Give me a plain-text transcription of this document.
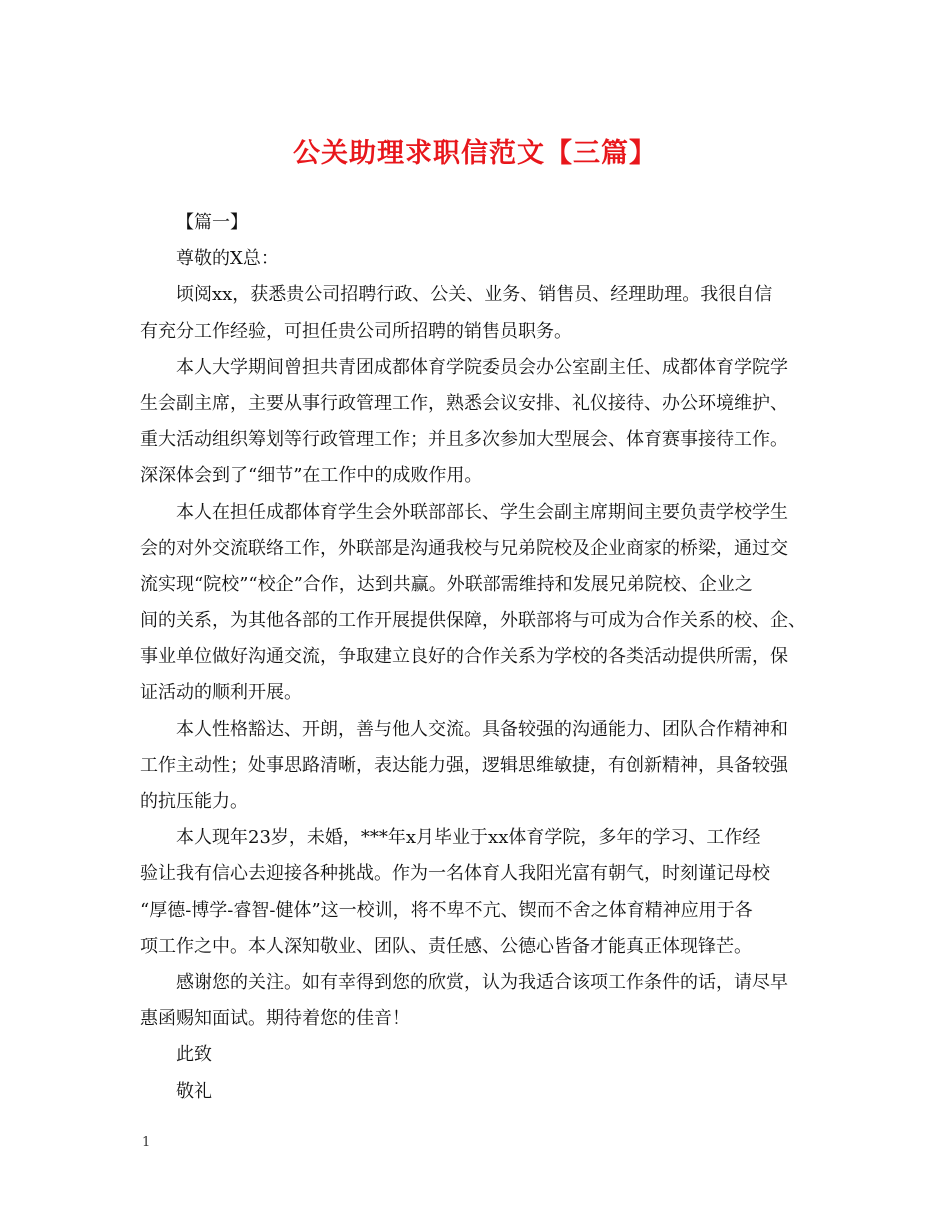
公关助理求职信范文【三篇】
【篇一】
尊敬的X总：
顷阅xx，获悉贵公司招聘行政、公关、业务、销售员、经理助理。我很自信
有充分工作经验，可担任贵公司所招聘的销售员职务。
本人大学期间曾担共青团成都体育学院委员会办公室副主任、成都体育学院学
生会副主席，主要从事行政管理工作，熟悉会议安排、礼仪接待、办公环境维护、
重大活动组织筹划等行政管理工作；并且多次参加大型展会、体育赛事接待工作。
深深体会到了“细节”在工作中的成败作用。
本人在担任成都体育学生会外联部部长、学生会副主席期间主要负责学校学生
会的对外交流联络工作，外联部是沟通我校与兄弟院校及企业商家的桥梁，通过交
流实现“院校”“校企”合作，达到共赢。外联部需维持和发展兄弟院校、企业之
间的关系，为其他各部的工作开展提供保障，外联部将与可成为合作关系的校、企、
事业单位做好沟通交流，争取建立良好的合作关系为学校的各类活动提供所需，保
证活动的顺利开展。
本人性格豁达、开朗，善与他人交流。具备较强的沟通能力、团队合作精神和
工作主动性；处事思路清晰，表达能力强，逻辑思维敏捷，有创新精神，具备较强
的抗压能力。
本人现年23岁，未婚，***年x月毕业于xx体育学院，多年的学习、工作经
验让我有信心去迎接各种挑战。作为一名体育人我阳光富有朝气，时刻谨记母校
“厚德-博学-睿智-健体”这一校训，将不卑不亢、锲而不舍之体育精神应用于各
项工作之中。本人深知敬业、团队、责任感、公德心皆备才能真正体现锋芒。
感谢您的关注。如有幸得到您的欣赏，认为我适合该项工作条件的话，请尽早
惠函赐知面试。期待着您的佳音！
此致
敬礼
1
